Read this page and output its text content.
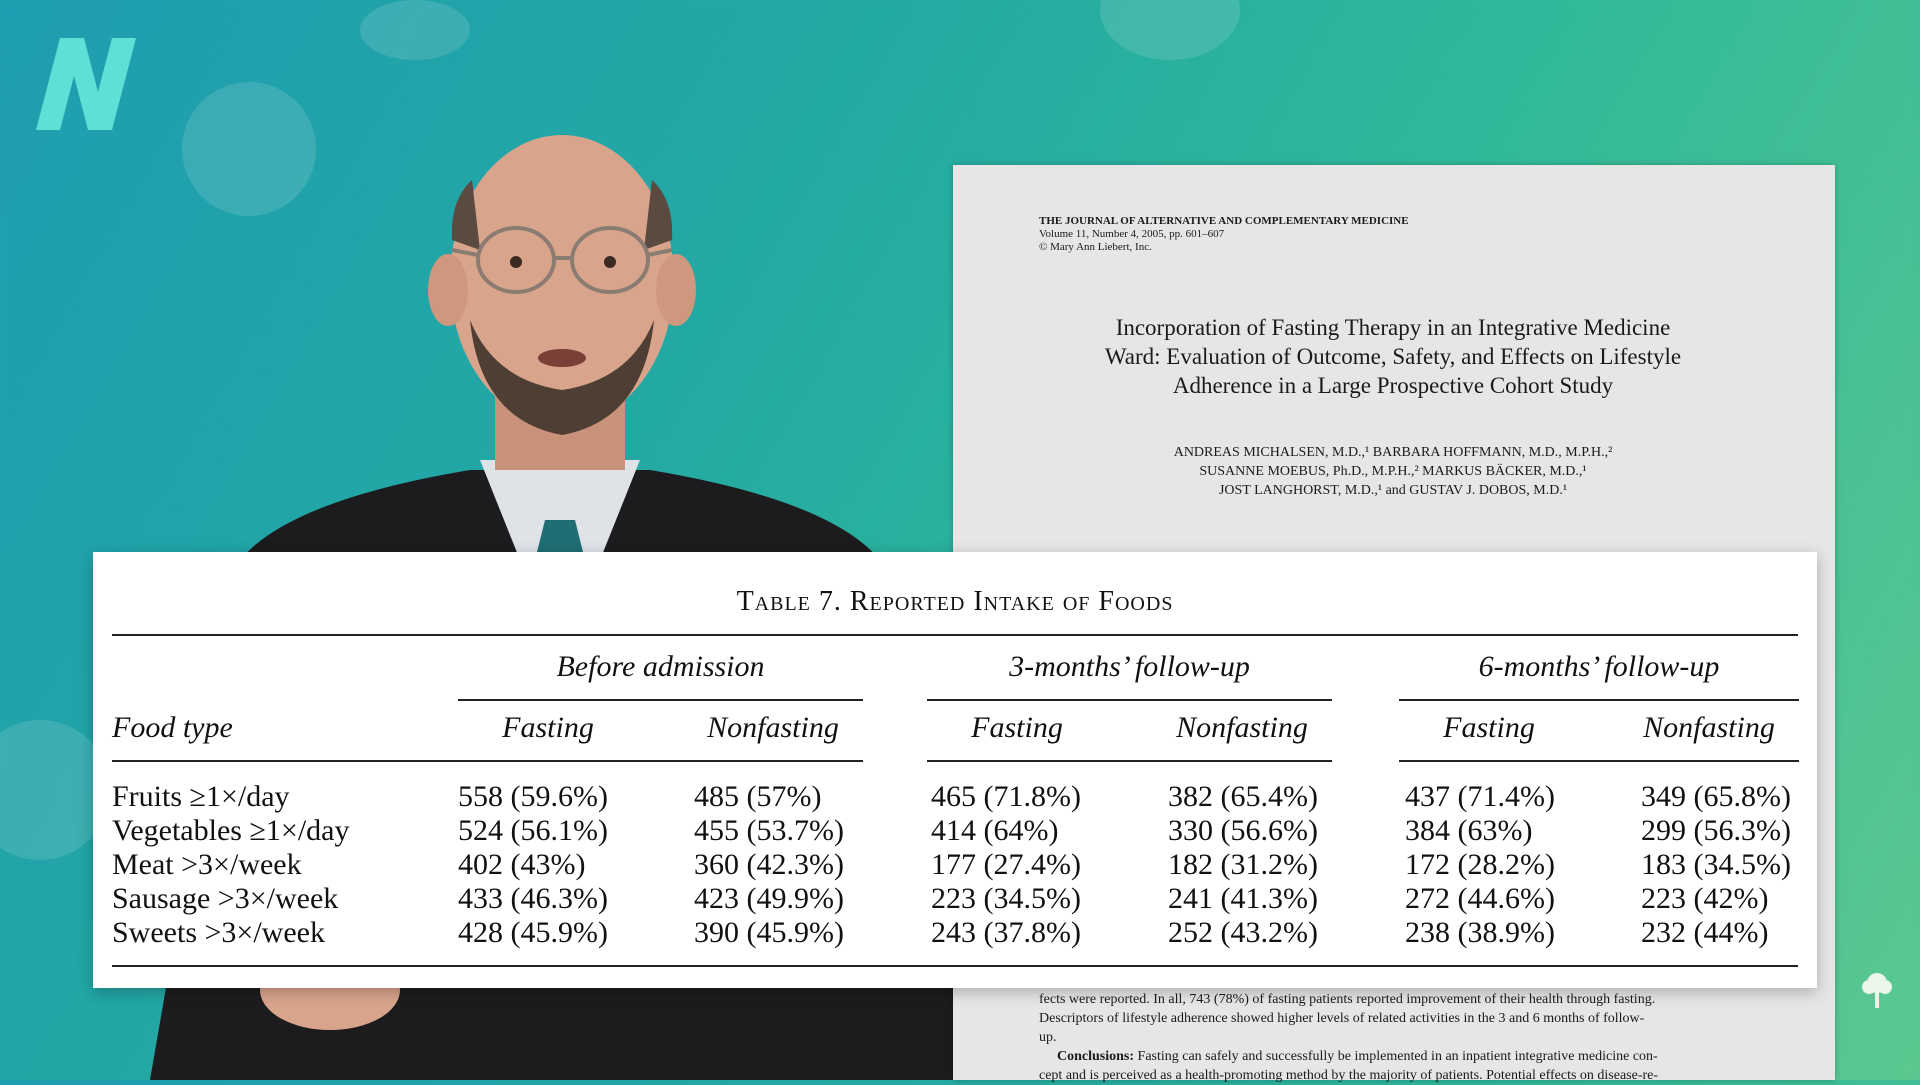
THE JOURNAL OF ALTERNATIVE AND COMPLEMENTARY MEDICINE
Volume 11, Number 4, 2005, pp. 601–607
© Mary Ann Liebert, Inc.
Incorporation of Fasting Therapy in an Integrative Medicine
Ward: Evaluation of Outcome, Safety, and Effects on Lifestyle
Adherence in a Large Prospective Cohort Study
ANDREAS MICHALSEN, M.D.,¹ BARBARA HOFFMANN, M.D., M.P.H.,²
SUSANNE MOEBUS, Ph.D., M.P.H.,² MARKUS BÄCKER, M.D.,¹
JOST LANGHORST, M.D.,¹ and GUSTAV J. DOBOS, M.D.¹
fects were reported. In all, 743 (78%) of fasting patients reported improvement of their health through fasting.
Descriptors of lifestyle adherence showed higher levels of related activities in the 3 and 6 months of follow-
up.
Conclusions: Fasting can safely and successfully be implemented in an inpatient integrative medicine con-
cept and is perceived as a health-promoting method by the majority of patients. Potential effects on disease-re-
Table 7. Reported Intake of Foods
Before admission	3-months’ follow-up	6-months’ follow-up
Food type	Fasting	Nonfasting	Fasting	Nonfasting	Fasting	Nonfasting
Fruits ≥1×/day	558 (59.6%)	485 (57%)	465 (71.8%)	382 (65.4%)	437 (71.4%)	349 (65.8%)
Vegetables ≥1×/day	524 (56.1%)	455 (53.7%)	414 (64%)	330 (56.6%)	384 (63%)	299 (56.3%)
Meat >3×/week	402 (43%)	360 (42.3%)	177 (27.4%)	182 (31.2%)	172 (28.2%)	183 (34.5%)
Sausage >3×/week	433 (46.3%)	423 (49.9%)	223 (34.5%)	241 (41.3%)	272 (44.6%)	223 (42%)
Sweets >3×/week	428 (45.9%)	390 (45.9%)	243 (37.8%)	252 (43.2%)	238 (38.9%)	232 (44%)
